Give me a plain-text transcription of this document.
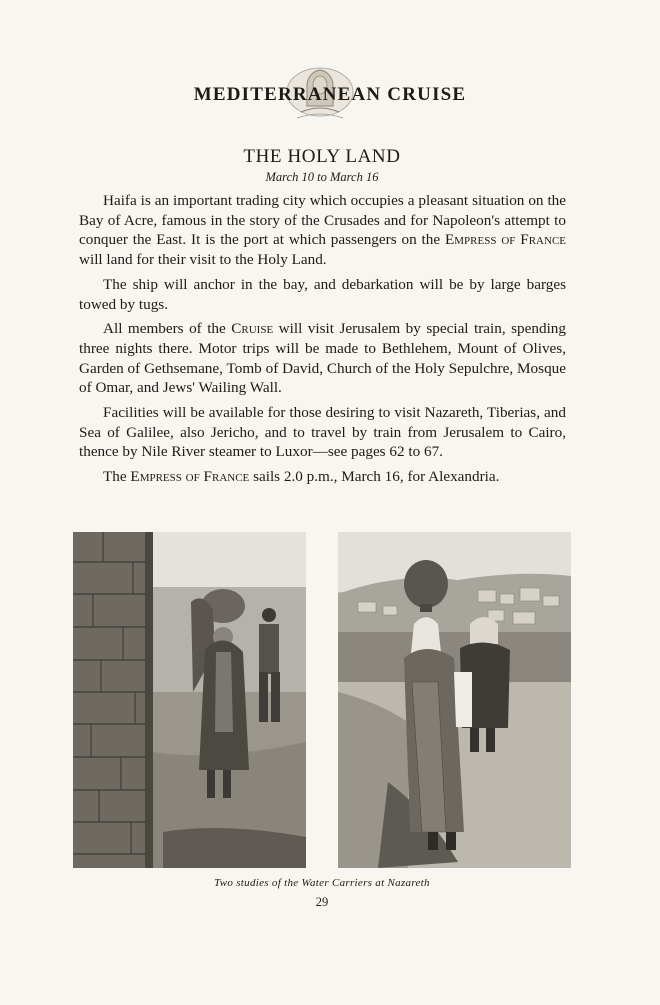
MEDITERRANEAN CRUISE
THE HOLY LAND
March 10 to March 16

Haifa is an important trading city which occupies a pleasant situation on the Bay of Acre, famous in the story of the Crusades and for Napoleon's attempt to conquer the East. It is the port at which passengers on the Empress of France will land for their visit to the Holy Land.

The ship will anchor in the bay, and debarkation will be by large barges towed by tugs.

All members of the Cruise will visit Jerusalem by special train, spending three nights there. Motor trips will be made to Bethlehem, Mount of Olives, Garden of Gethsemane, Tomb of David, Church of the Holy Sepulchre, Mosque of Omar, and Jews' Wailing Wall.

Facilities will be available for those desiring to visit Nazareth, Tiberias, and Sea of Galilee, also Jericho, and to travel by train from Jerusalem to Cairo, thence by Nile River steamer to Luxor—see pages 62 to 67.

The Empress of France sails 2.0 p.m., March 16, for Alexandria.

Two studies of the Water Carriers at Nazareth
29
